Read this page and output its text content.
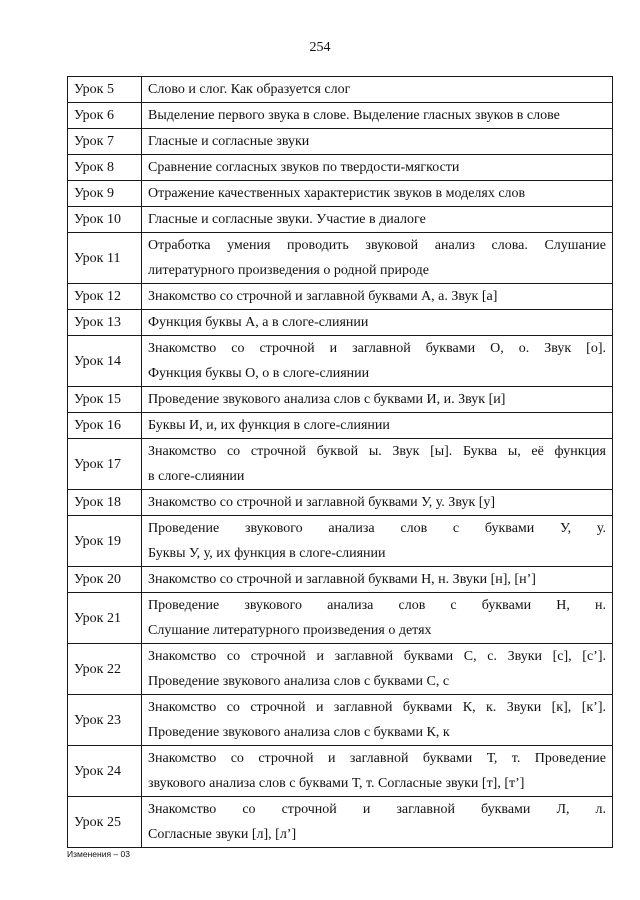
254
Урок 5	Слово и слог. Как образуется слог
Урок 6	Выделение первого звука в слове. Выделение гласных звуков в слове
Урок 7	Гласные и согласные звуки
Урок 8	Сравнение согласных звуков по твердости-мягкости
Урок 9	Отражение качественных характеристик звуков в моделях слов
Урок 10	Гласные и согласные звуки. Участие в диалоге
Урок 11	Отработка умения проводить звуковой анализ слова. Слушание
литературного произведения о родной природе
Урок 12	Знакомство со строчной и заглавной буквами А, а. Звук [а]
Урок 13	Функция буквы А, а в слоге-слиянии
Урок 14	Знакомство со строчной и заглавной буквами О, о. Звук [о].
Функция буквы О, о в слоге-слиянии
Урок 15	Проведение звукового анализа слов с буквами И, и. Звук [и]
Урок 16	Буквы И, и, их функция в слоге-слиянии
Урок 17	Знакомство со строчной буквой ы. Звук [ы]. Буква ы, её функция
в слоге-слиянии
Урок 18	Знакомство со строчной и заглавной буквами У, у. Звук [у]
Урок 19	Проведение звукового анализа слов с буквами У, у.
Буквы У, у, их функция в слоге-слиянии
Урок 20	Знакомство со строчной и заглавной буквами Н, н. Звуки [н], [н’]
Урок 21	Проведение звукового анализа слов с буквами Н, н.
Слушание литературного произведения о детях
Урок 22	Знакомство со строчной и заглавной буквами С, с. Звуки [с], [с’].
Проведение звукового анализа слов с буквами С, с
Урок 23	Знакомство со строчной и заглавной буквами К, к. Звуки [к], [к’].
Проведение звукового анализа слов с буквами К, к
Урок 24	Знакомство со строчной и заглавной буквами Т, т. Проведение
звукового анализа слов с буквами Т, т. Согласные звуки [т], [т’]
Урок 25	Знакомство со строчной и заглавной буквами Л, л.
Согласные звуки [л], [л’]
Изменения – 03
